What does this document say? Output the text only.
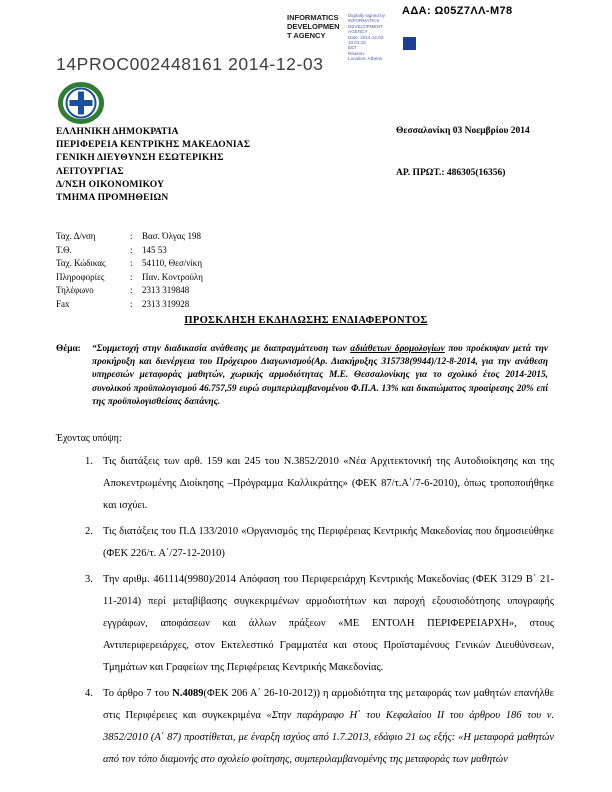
ΑΔΑ: Ω05Ζ7ΛΛ-Μ78
INFORMATICS
DEVELOPMEN
T AGENCY
Digitally signed by
INFORMATICS
DEVELOPMENT AGENCY
Date: 2014.12.03 10:01:15
EET
Reason:
Location: Athens
14PROC002448161 2014-12-03
ΕΛΛΗΝΙΚΗ ΔΗΜΟΚΡΑΤΙΑ
ΠΕΡΙΦΕΡΕΙΑ ΚΕΝΤΡΙΚΗΣ ΜΑΚΕΔΟΝΙΑΣ
ΓΕΝΙΚΗ ΔΙΕΥΘΥΝΣΗ ΕΣΩΤΕΡΙΚΗΣ
ΛΕΙΤΟΥΡΓΙΑΣ
Δ/ΝΣΗ ΟΙΚΟΝΟΜΙΚΟΥ
ΤΜΗΜΑ ΠΡΟΜΗΘΕΙΩΝ
Θεσσαλονίκη 03 Νοεμβρίου 2014
ΑΡ. ΠΡΩΤ.: 486305(16356)
Ταχ. Δ/νση	:	Βασ. Όλγας 198
Τ.Θ.	:	145 53
Ταχ. Κώδικας	:	54110, Θεσ/νίκη
Πληροφορίες	:	Παν. Κοντρούλη
Τηλέφωνο	:	2313 319848
Fax	:	2313 319928
ΠΡΟΣΚΛΗΣΗ ΕΚΔΗΛΩΣΗΣ ΕΝΔΙΑΦΕΡΟΝΤΟΣ
Θέμα: “Συμμετοχή στην διαδικασία ανάθεσης με διαπραγμάτευση των αδιάθετων δρομολογίων που προέκυψαν μετά την προκήρυξη και διενέργεια του Πρόχειρου Διαγωνισμού(Αρ. Διακήρυξης 315738(9944)/12-8-2014, για την ανάθεση υπηρεσιών μεταφοράς μαθητών, χωρικής αρμοδιότητας Μ.Ε. Θεσσαλονίκης για το σχολικό έτος 2014-2015, συνολικού προϋπολογισμού 46.757,59 ευρώ συμπεριλαμβανομένου Φ.Π.Α. 13% και δικαιώματος προαίρεσης 20% επί της προϋπολογισθείσας δαπάνης.
Έχοντας υπόψη:
1. Τις διατάξεις των αρθ. 159 και 245 του Ν.3852/2010 «Νέα Αρχιτεκτονική της Αυτοδιοίκησης και της Αποκεντρωμένης Διοίκησης –Πρόγραμμα Καλλικράτης» (ΦΕΚ 87/τ.Α΄/7-6-2010), όπως τροποποιήθηκε και ισχύει.
2. Τις διατάξεις του Π.Δ 133/2010 «Οργανισμός της Περιφέρειας Κεντρικής Μακεδονίας που δημοσιεύθηκε (ΦΕΚ 226/τ. Α΄/27-12-2010)
3. Την αριθμ. 461114(9980)/2014 Απόφαση του Περιφερειάρχη Κεντρικής Μακεδονίας (ΦΕΚ 3129 Β΄ 21-11-2014) περί μεταβίβασης συγκεκριμένων αρμοδιοτήτων και παροχή εξουσιοδότησης υπογραφής εγγράφων, αποφάσεων και άλλων πράξεων «ΜΕ ΕΝΤΟΛΗ ΠΕΡΙΦΕΡΕΙΑΡΧΗ», στους Αντιπεριφερειάρχες, στον Εκτελεστικό Γραμματέα και στους Προϊσταμένους Γενικών Διευθύνσεων, Τμημάτων και Γραφείων της Περιφέρειας Κεντρικής Μακεδονίας.
4. Το άρθρο 7 του Ν.4089(ΦΕΚ 206 Α΄ 26-10-2012)) η αρμοδιότητα της μεταφοράς των μαθητών επανήλθε στις Περιφέρειες και συγκεκριμένα «Στην παράγραφο Η΄ του Κεφαλαίου ΙΙ του άρθρου 186 του ν. 3852/2010 (Α΄ 87) προστίθεται, με έναρξη ισχύος από 1.7.2013, εδάφιο 21 ως εξής: «Η μεταφορά μαθητών από τον τόπο διαμονής στο σχολείο φοίτησης, συμπεριλαμβανομένης της μεταφοράς των μαθητών
